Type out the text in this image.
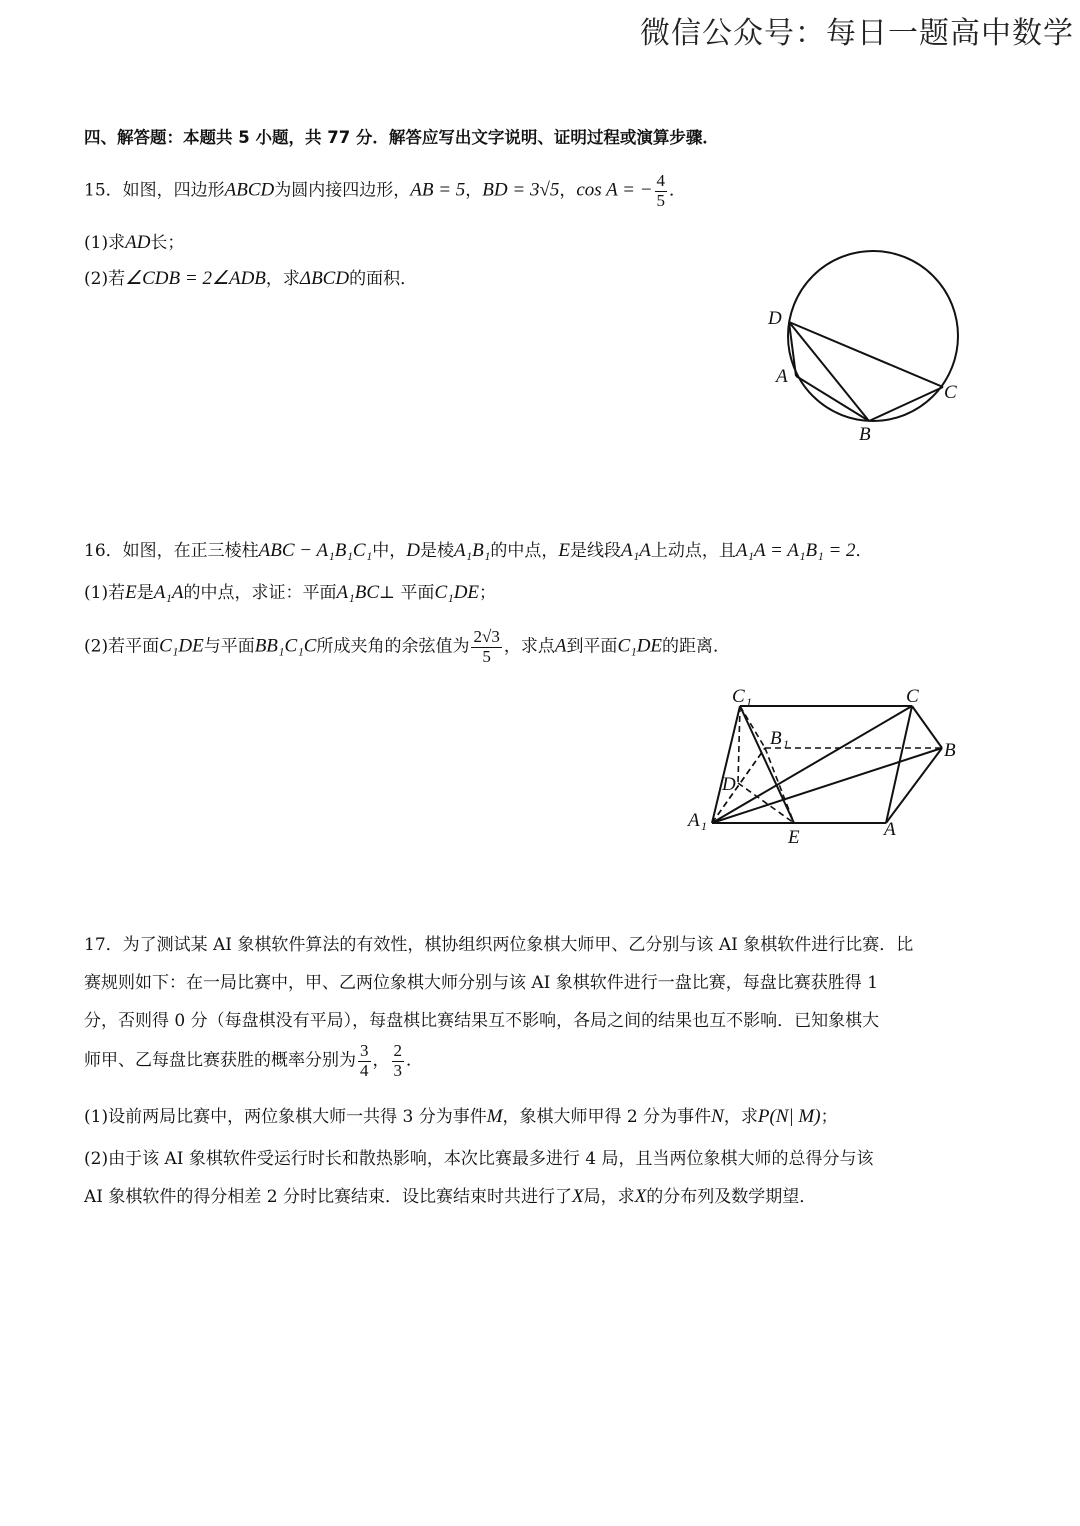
微信公众号：每日一题高中数学
四、解答题：本题共 5 小题，共 77 分．解答应写出文字说明、证明过程或演算步骤．
15．如图，四边形ABCD为圆内接四边形，AB = 5，BD = 3√5，cos A = − $\frac{4}{5}$ ．
(1)求AD长；
(2)若∠CDB = 2∠ADB，求ΔBCD的面积．
D
A
C
B
16．如图，在正三棱柱ABC − A₁B₁C₁中，D是棱A₁B₁的中点，E是线段A₁A上动点，且A₁A = A₁B₁ = 2．
(1)若E是A₁A的中点，求证：平面A₁BC⊥ 平面C₁DE；
(2)若平面C₁DE与平面BB₁C₁C所成夹角的余弦值为 $\frac{2√3}{5}$ ，求点A到平面C₁DE的距离．
C 1	C
B 1	B
D
A 1
E	A
17．为了测试某 AI 象棋软件算法的有效性，棋协组织两位象棋大师甲、乙分别与该 AI 象棋软件进行比赛．比
赛规则如下：在一局比赛中，甲、乙两位象棋大师分别与该 AI 象棋软件进行一盘比赛，每盘比赛获胜得 1
分，否则得 0 分（每盘棋没有平局），每盘棋比赛结果互不影响，各局之间的结果也互不影响．已知象棋大
师甲、乙每盘比赛获胜的概率分别为 $\frac{3}{4}$ ， $\frac{2}{3}$ ．
(1)设前两局比赛中，两位象棋大师一共得 3 分为事件M，象棋大师甲得 2 分为事件N，求P(N| M)；
(2)由于该 AI 象棋软件受运行时长和散热影响，本次比赛最多进行 4 局，且当两位象棋大师的总得分与该
AI 象棋软件的得分相差 2 分时比赛结束．设比赛结束时共进行了X局，求X的分布列及数学期望．
